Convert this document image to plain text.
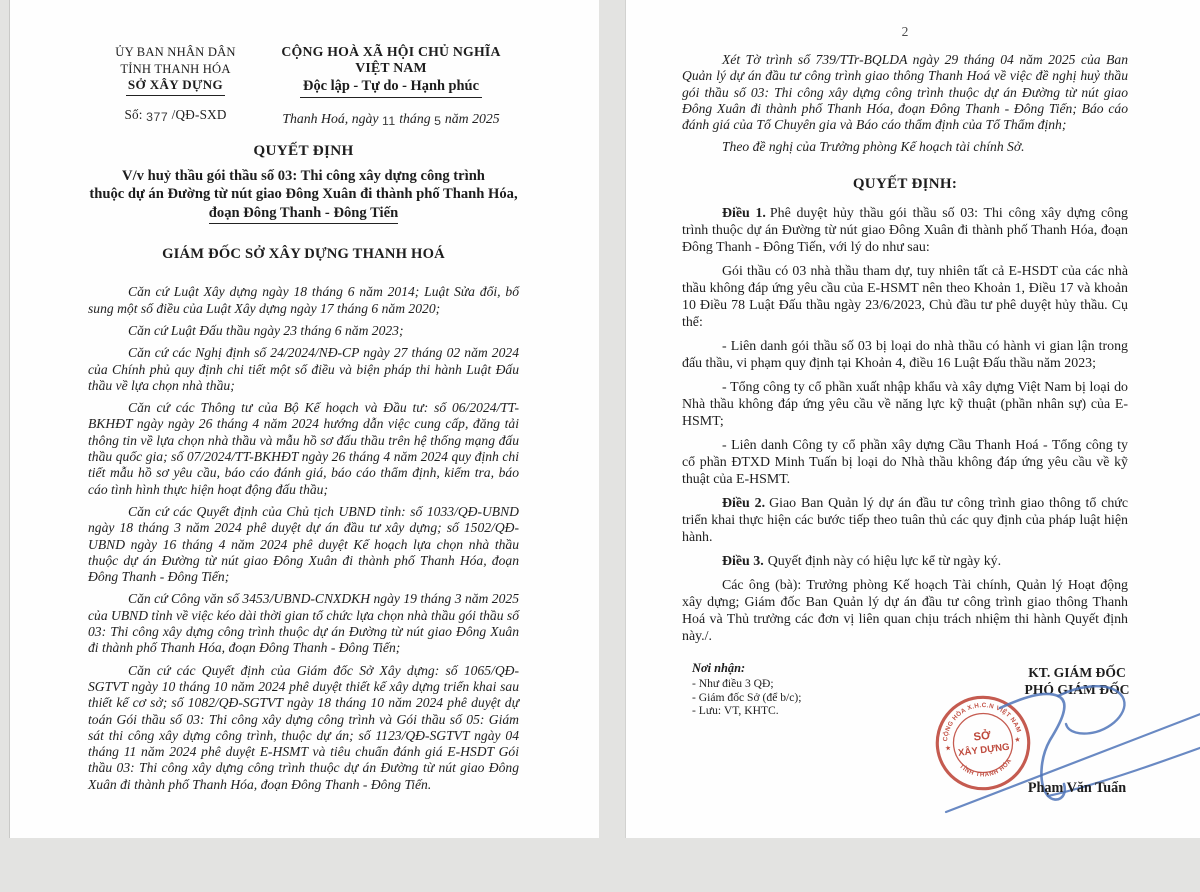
ỦY BAN NHÂN DÂN
TỈNH THANH HÓA
SỞ XÂY DỰNG
Số: 377 /QĐ-SXD
CỘNG HOÀ XÃ HỘI CHỦ NGHĨA VIỆT NAM
Độc lập - Tự do - Hạnh phúc
Thanh Hoá, ngày 11 tháng 5 năm 2025
QUYẾT ĐỊNH
V/v huỷ thầu gói thầu số 03: Thi công xây dựng công trình
thuộc dự án Đường từ nút giao Đông Xuân đi thành phố Thanh Hóa,
đoạn Đông Thanh - Đông Tiến
GIÁM ĐỐC SỞ XÂY DỰNG THANH HOÁ

Căn cứ Luật Xây dựng ngày 18 tháng 6 năm 2014; Luật Sửa đổi, bổ sung một số điều của Luật Xây dựng ngày 17 tháng 6 năm 2020;

Căn cứ Luật Đấu thầu ngày 23 tháng 6 năm 2023;

Căn cứ các Nghị định số 24/2024/NĐ-CP ngày 27 tháng 02 năm 2024 của Chính phủ quy định chi tiết một số điều và biện pháp thi hành Luật Đấu thầu về lựa chọn nhà thầu;

Căn cứ các Thông tư của Bộ Kế hoạch và Đầu tư: số 06/2024/TT-BKHĐT ngày ngày 26 tháng 4 năm 2024 hướng dẫn việc cung cấp, đăng tải thông tin về lựa chọn nhà thầu và mẫu hồ sơ đấu thầu trên hệ thống mạng đấu thầu quốc gia; số 07/2024/TT-BKHĐT ngày 26 tháng 4 năm 2024 quy định chi tiết mẫu hồ sơ yêu cầu, báo cáo đánh giá, báo cáo thẩm định, kiểm tra, báo cáo tình hình thực hiện hoạt động đấu thầu;

Căn cứ các Quyết định của Chủ tịch UBND tỉnh: số 1033/QĐ-UBND ngày 18 tháng 3 năm 2024 phê duyệt dự án đầu tư xây dựng; số 1502/QĐ-UBND ngày 16 tháng 4 năm 2024 phê duyệt Kế hoạch lựa chọn nhà thầu thuộc dự án Đường từ nút giao Đông Xuân đi thành phố Thanh Hóa, đoạn Đông Thanh - Đông Tiến;

Căn cứ Công văn số 3453/UBND-CNXDKH ngày 19 tháng 3 năm 2025 của UBND tỉnh về việc kéo dài thời gian tổ chức lựa chọn nhà thầu gói thầu số 03: Thi công xây dựng công trình thuộc dự án Đường từ nút giao Đông Xuân đi thành phố Thanh Hóa, đoạn Đông Thanh - Đông Tiến;

Căn cứ các Quyết định của Giám đốc Sở Xây dựng: số 1065/QĐ-SGTVT ngày 10 tháng 10 năm 2024 phê duyệt thiết kế xây dựng triển khai sau thiết kế cơ sở; số 1082/QĐ-SGTVT ngày 18 tháng 10 năm 2024 phê duyệt dự toán Gói thầu số 03: Thi công xây dựng công trình và Gói thầu số 05: Giám sát thi công xây dựng công trình, thuộc dự án; số 1123/QĐ-SGTVT ngày 04 tháng 11 năm 2024 phê duyệt E-HSMT và tiêu chuẩn đánh giá E-HSDT Gói thầu 03: Thi công xây dựng công trình thuộc dự án Đường từ nút giao Đông Xuân đi thành phố Thanh Hóa, đoạn Đông Thanh - Đông Tiến.

2

Xét Tờ trình số 739/TTr-BQLDA ngày 29 tháng 04 năm 2025 của Ban Quản lý dự án đầu tư công trình giao thông Thanh Hoá về việc đề nghị huỷ thầu gói thầu số 03: Thi công xây dựng công trình thuộc dự án Đường từ nút giao Đông Xuân đi thành phố Thanh Hóa, đoạn Đông Thanh - Đông Tiến; Báo cáo đánh giá của Tổ Chuyên gia và Báo cáo thẩm định của Tổ Thẩm định;

Theo đề nghị của Trưởng phòng Kế hoạch tài chính Sở.

QUYẾT ĐỊNH:

Điều 1. Phê duyệt hủy thầu gói thầu số 03: Thi công xây dựng công trình thuộc dự án Đường từ nút giao Đông Xuân đi thành phố Thanh Hóa, đoạn Đông Thanh - Đông Tiến, với lý do như sau:

Gói thầu có 03 nhà thầu tham dự, tuy nhiên tất cả E-HSDT của các nhà thầu không đáp ứng yêu cầu của E-HSMT nên theo Khoản 1, Điều 17 và khoản 10 Điều 78 Luật Đấu thầu ngày 23/6/2023, Chủ đầu tư phê duyệt hủy thầu. Cụ thể:

- Liên danh gói thầu số 03 bị loại do nhà thầu có hành vi gian lận trong đấu thầu, vi phạm quy định tại Khoản 4, điều 16 Luật Đấu thầu năm 2023;

- Tổng công ty cổ phần xuất nhập khẩu và xây dựng Việt Nam bị loại do Nhà thầu không đáp ứng yêu cầu về năng lực kỹ thuật (phần nhân sự) của E-HSMT;

- Liên danh Công ty cổ phần xây dựng Cầu Thanh Hoá - Tổng công ty cổ phần ĐTXD Minh Tuấn bị loại do Nhà thầu không đáp ứng yêu cầu về kỹ thuật của E-HSMT.

Điều 2. Giao Ban Quản lý dự án đầu tư công trình giao thông tổ chức triển khai thực hiện các bước tiếp theo tuân thủ các quy định của pháp luật hiện hành.

Điều 3. Quyết định này có hiệu lực kể từ ngày ký.

Các ông (bà): Trưởng phòng Kế hoạch Tài chính, Quản lý Hoạt động xây dựng; Giám đốc Ban Quản lý dự án đầu tư công trình giao thông Thanh Hoá và Thủ trưởng các đơn vị liên quan chịu trách nhiệm thi hành Quyết định này./.

Nơi nhận:
- Như điều 3 QĐ;
- Giám đốc Sở (để b/c);
- Lưu: VT, KHTC.
KT. GIÁM ĐỐC
PHÓ GIÁM ĐỐC
CỘNG HÒA X.H.C.N VIỆT NAM
TỈNH THANH HÓA
★
★
SỞ
XÂY DỰNG
Phạm Văn Tuấn
